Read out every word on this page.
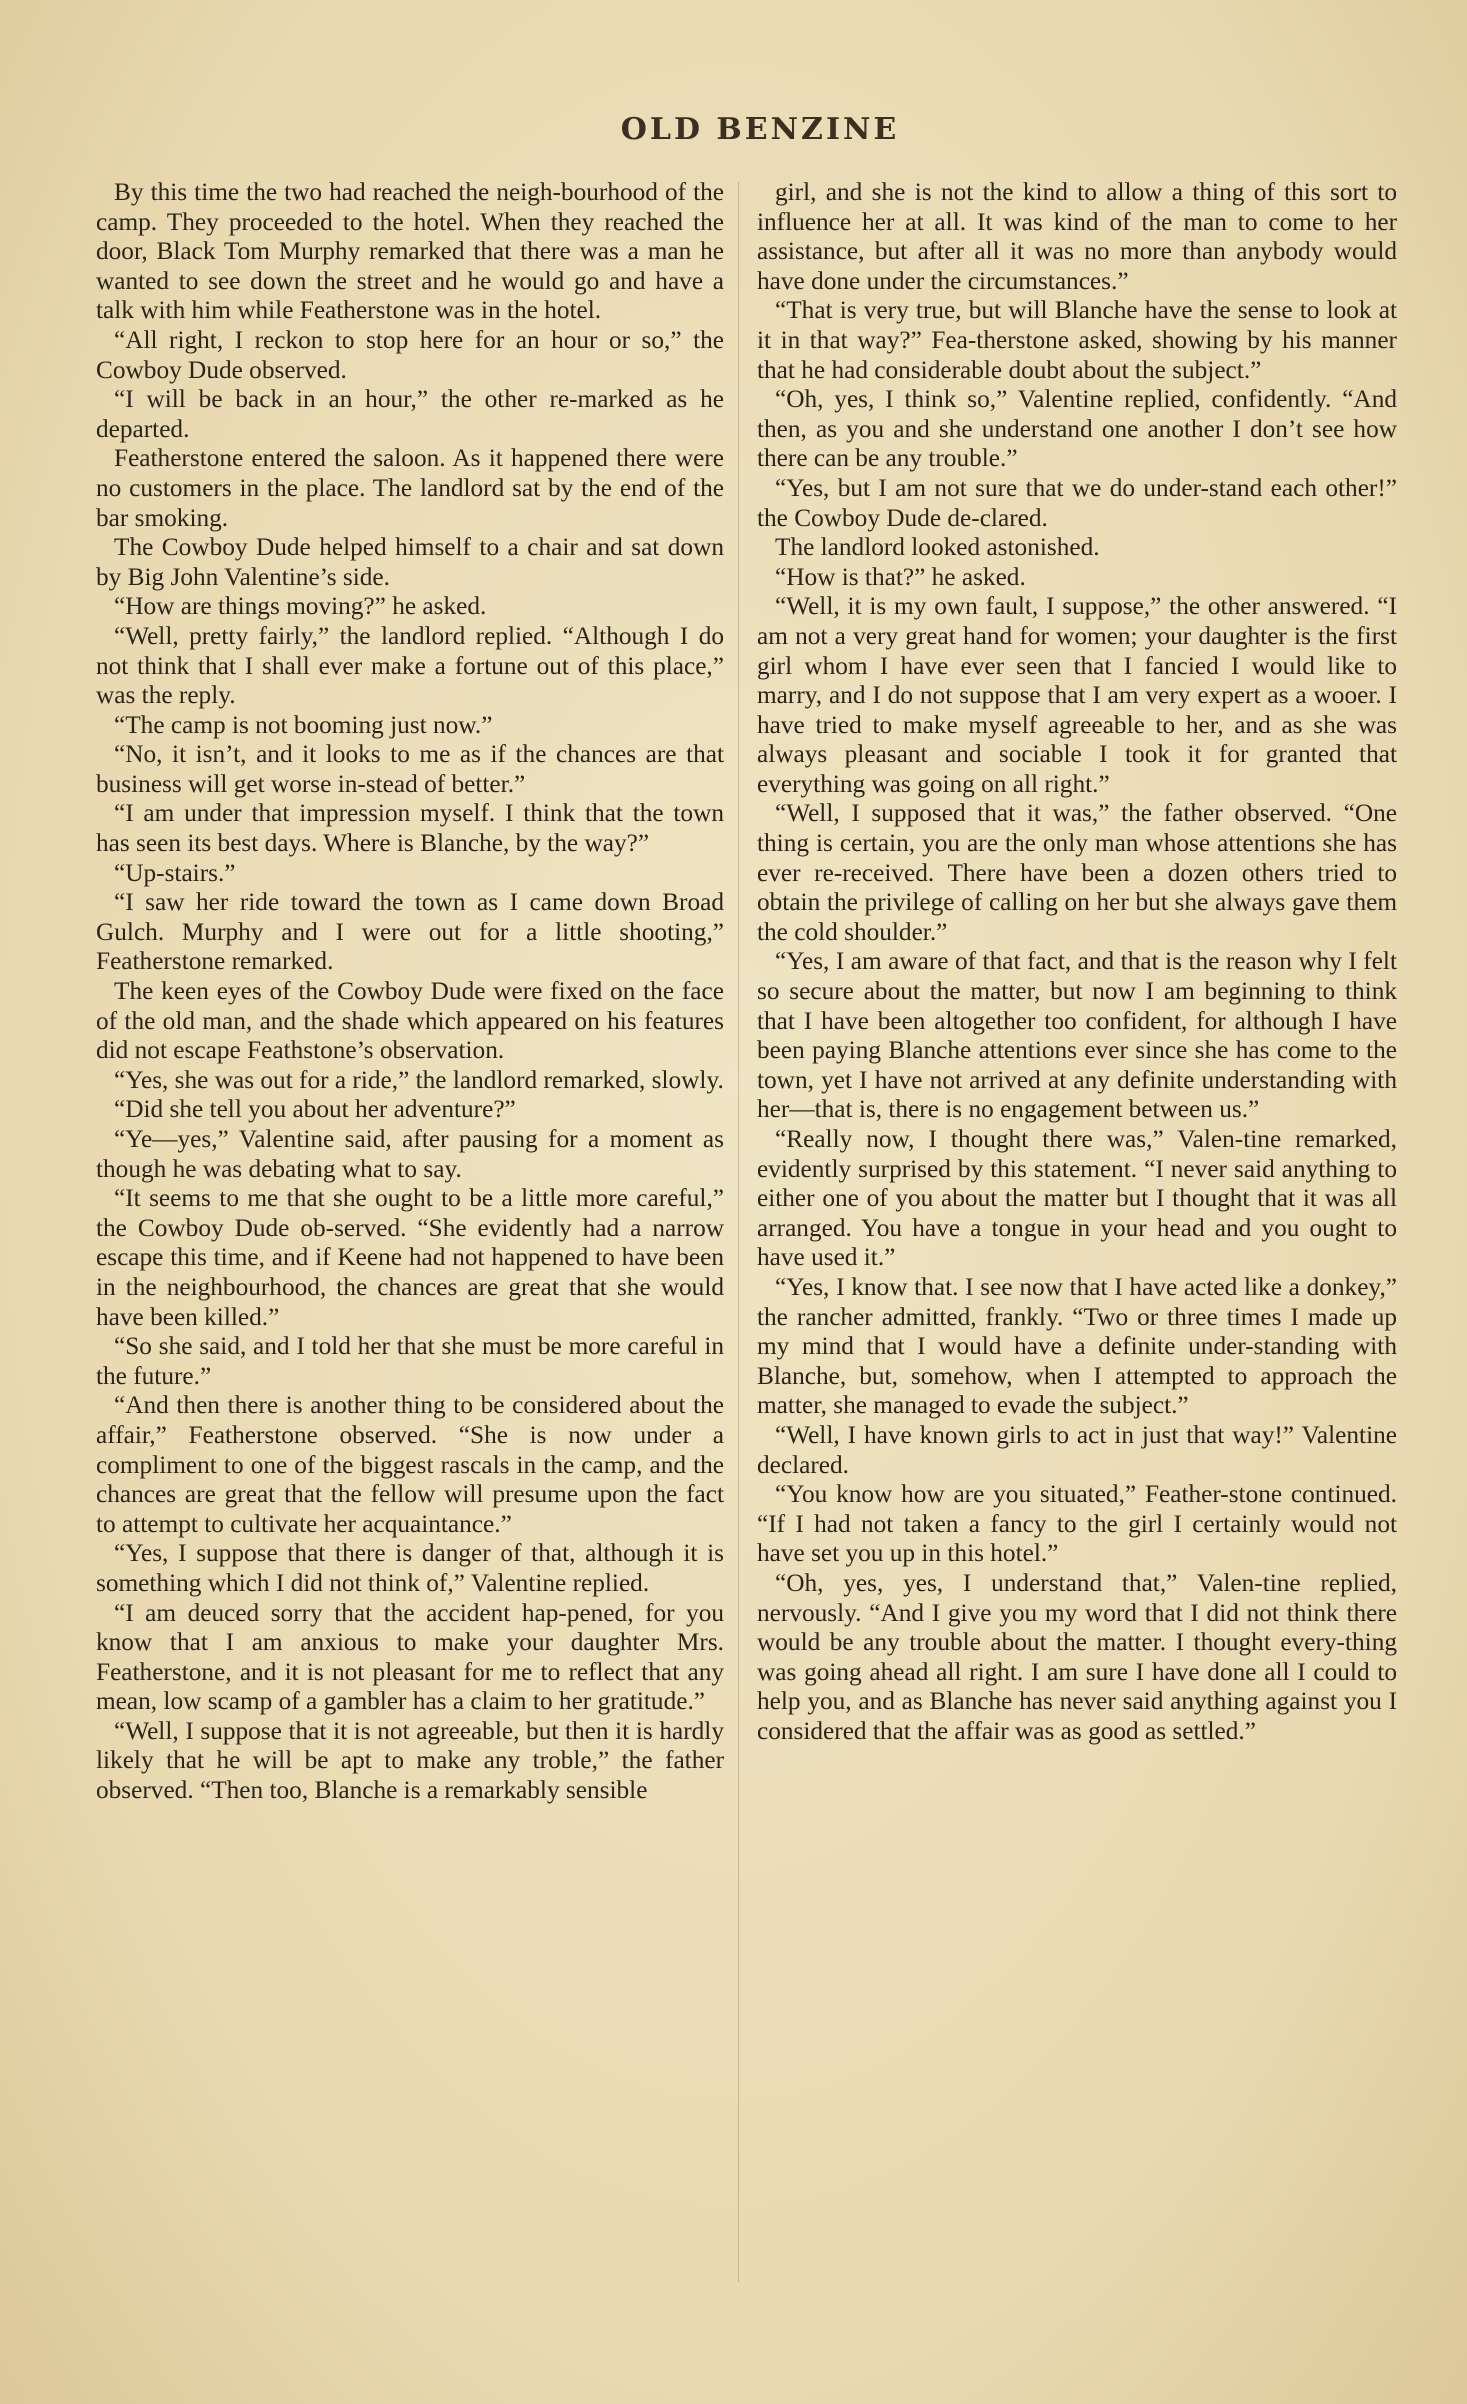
OLD BENZINE

By this time the two had reached the neigh-bourhood of the camp. They proceeded to the hotel. When they reached the door, Black Tom Murphy remarked that there was a man he wanted to see down the street and he would go and have a talk with him while Featherstone was in the hotel.

“All right, I reckon to stop here for an hour or so,” the Cowboy Dude observed.

“I will be back in an hour,” the other re-marked as he departed.

Featherstone entered the saloon. As it happened there were no customers in the place. The landlord sat by the end of the bar smoking.

The Cowboy Dude helped himself to a chair and sat down by Big John Valentine’s side.

“How are things moving?” he asked.

“Well, pretty fairly,” the landlord replied. “Although I do not think that I shall ever make a fortune out of this place,” was the reply.

“The camp is not booming just now.”

“No, it isn’t, and it looks to me as if the chances are that business will get worse in-stead of better.”

“I am under that impression myself. I think that the town has seen its best days. Where is Blanche, by the way?”

“Up-stairs.”

“I saw her ride toward the town as I came down Broad Gulch. Murphy and I were out for a little shooting,” Featherstone remarked.

The keen eyes of the Cowboy Dude were fixed on the face of the old man, and the shade which appeared on his features did not escape Feathstone’s observation.

“Yes, she was out for a ride,” the landlord remarked, slowly.

“Did she tell you about her adventure?”

“Ye—yes,” Valentine said, after pausing for a moment as though he was debating what to say.

“It seems to me that she ought to be a little more careful,” the Cowboy Dude ob-served. “She evidently had a narrow escape this time, and if Keene had not happened to have been in the neighbourhood, the chances are great that she would have been killed.”

“So she said, and I told her that she must be more careful in the future.”

“And then there is another thing to be considered about the affair,” Featherstone observed. “She is now under a compliment to one of the biggest rascals in the camp, and the chances are great that the fellow will presume upon the fact to attempt to cultivate her acquaintance.”

“Yes, I suppose that there is danger of that, although it is something which I did not think of,” Valentine replied.

“I am deuced sorry that the accident hap-pened, for you know that I am anxious to make your daughter Mrs. Featherstone, and it is not pleasant for me to reflect that any mean, low scamp of a gambler has a claim to her gratitude.”

“Well, I suppose that it is not agreeable, but then it is hardly likely that he will be apt to make any troble,” the father observed. “Then too, Blanche is a remarkably sensible

girl, and she is not the kind to allow a thing of this sort to influence her at all. It was kind of the man to come to her assistance, but after all it was no more than anybody would have done under the circumstances.”

“That is very true, but will Blanche have the sense to look at it in that way?” Fea-therstone asked, showing by his manner that he had considerable doubt about the subject.”

“Oh, yes, I think so,” Valentine replied, confidently. “And then, as you and she understand one another I don’t see how there can be any trouble.”

“Yes, but I am not sure that we do under-stand each other!” the Cowboy Dude de-clared.

The landlord looked astonished.

“How is that?” he asked.

“Well, it is my own fault, I suppose,” the other answered. “I am not a very great hand for women; your daughter is the first girl whom I have ever seen that I fancied I would like to marry, and I do not suppose that I am very expert as a wooer. I have tried to make myself agreeable to her, and as she was always pleasant and sociable I took it for granted that everything was going on all right.”

“Well, I supposed that it was,” the father observed. “One thing is certain, you are the only man whose attentions she has ever re-received. There have been a dozen others tried to obtain the privilege of calling on her but she always gave them the cold shoulder.”

“Yes, I am aware of that fact, and that is the reason why I felt so secure about the matter, but now I am beginning to think that I have been altogether too confident, for although I have been paying Blanche attentions ever since she has come to the town, yet I have not arrived at any definite understanding with her—that is, there is no engagement between us.”

“Really now, I thought there was,” Valen-tine remarked, evidently surprised by this statement. “I never said anything to either one of you about the matter but I thought that it was all arranged. You have a tongue in your head and you ought to have used it.”

“Yes, I know that. I see now that I have acted like a donkey,” the rancher admitted, frankly. “Two or three times I made up my mind that I would have a definite under-standing with Blanche, but, somehow, when I attempted to approach the matter, she managed to evade the subject.”

“Well, I have known girls to act in just that way!” Valentine declared.

“You know how are you situated,” Feather-stone continued. “If I had not taken a fancy to the girl I certainly would not have set you up in this hotel.”

“Oh, yes, yes, I understand that,” Valen-tine replied, nervously. “And I give you my word that I did not think there would be any trouble about the matter. I thought every-thing was going ahead all right. I am sure I have done all I could to help you, and as Blanche has never said anything against you I considered that the affair was as good as settled.”
